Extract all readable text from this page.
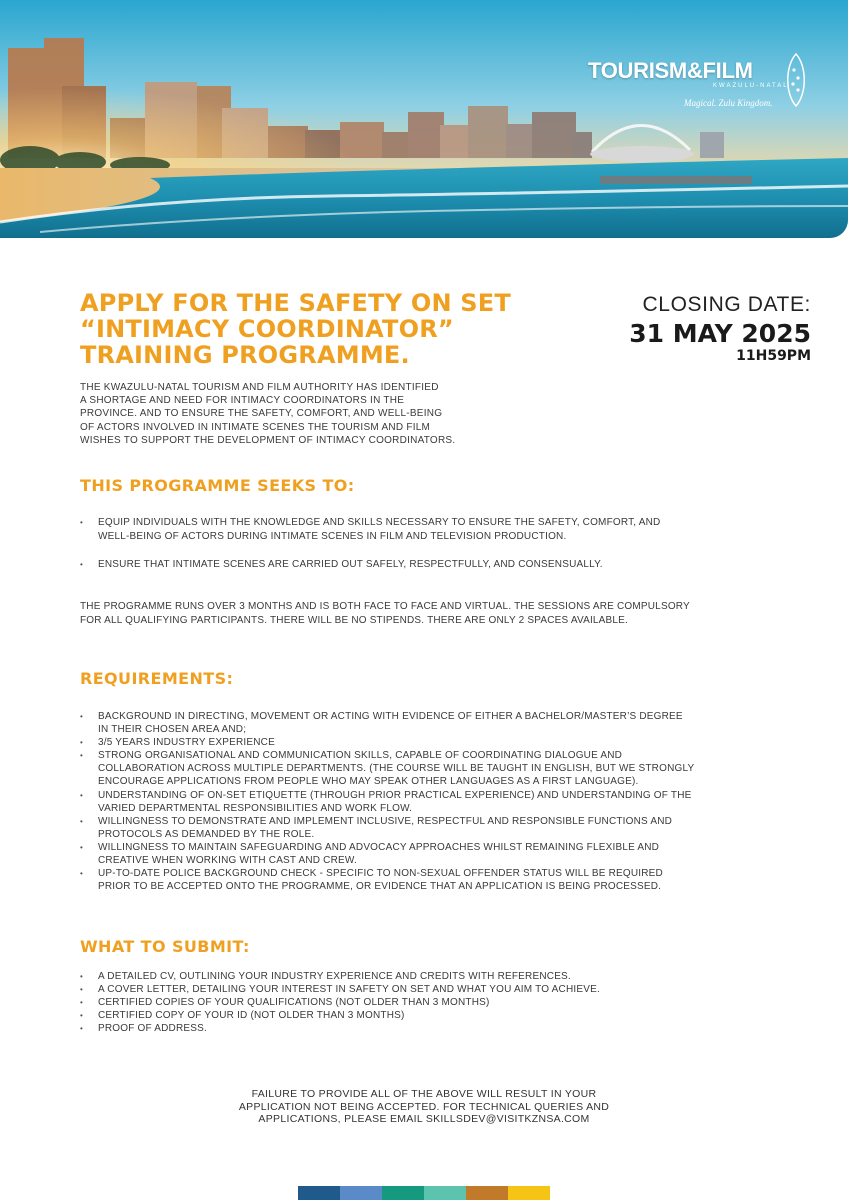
TOURISM&FILM
KWAZULU-NATAL
Magical. Zulu Kingdom.
APPLY FOR THE SAFETY ON SET
“INTIMACY COORDINATOR”
TRAINING PROGRAMME.
CLOSING DATE:
31 MAY 2025
11H59PM
THE KWAZULU-NATAL TOURISM AND FILM AUTHORITY HAS IDENTIFIED
A SHORTAGE AND NEED FOR INTIMACY COORDINATORS IN THE
PROVINCE. AND TO ENSURE THE SAFETY, COMFORT, AND WELL-BEING
OF ACTORS INVOLVED IN INTIMATE SCENES THE TOURISM AND FILM
WISHES TO SUPPORT THE DEVELOPMENT OF INTIMACY COORDINATORS.
THIS PROGRAMME SEEKS TO:
• EQUIP INDIVIDUALS WITH THE KNOWLEDGE AND SKILLS NECESSARY TO ENSURE THE SAFETY, COMFORT, AND
WELL-BEING OF ACTORS DURING INTIMATE SCENES IN FILM AND TELEVISION PRODUCTION.
• ENSURE THAT INTIMATE SCENES ARE CARRIED OUT SAFELY, RESPECTFULLY, AND CONSENSUALLY.
THE PROGRAMME RUNS OVER 3 MONTHS AND IS BOTH FACE TO FACE AND VIRTUAL. THE SESSIONS ARE COMPULSORY
FOR ALL QUALIFYING PARTICIPANTS. THERE WILL BE NO STIPENDS. THERE ARE ONLY 2 SPACES AVAILABLE.
REQUIREMENTS:
• BACKGROUND IN DIRECTING, MOVEMENT OR ACTING WITH EVIDENCE OF EITHER A BACHELOR/MASTER’S DEGREE
IN THEIR CHOSEN AREA AND;
• 3/5 YEARS INDUSTRY EXPERIENCE
• STRONG ORGANISATIONAL AND COMMUNICATION SKILLS, CAPABLE OF COORDINATING DIALOGUE AND
COLLABORATION ACROSS MULTIPLE DEPARTMENTS. (THE COURSE WILL BE TAUGHT IN ENGLISH, BUT WE STRONGLY
ENCOURAGE APPLICATIONS FROM PEOPLE WHO MAY SPEAK OTHER LANGUAGES AS A FIRST LANGUAGE).
• UNDERSTANDING OF ON-SET ETIQUETTE (THROUGH PRIOR PRACTICAL EXPERIENCE) AND UNDERSTANDING OF THE
VARIED DEPARTMENTAL RESPONSIBILITIES AND WORK FLOW.
• WILLINGNESS TO DEMONSTRATE AND IMPLEMENT INCLUSIVE, RESPECTFUL AND RESPONSIBLE FUNCTIONS AND
PROTOCOLS AS DEMANDED BY THE ROLE.
• WILLINGNESS TO MAINTAIN SAFEGUARDING AND ADVOCACY APPROACHES WHILST REMAINING FLEXIBLE AND
CREATIVE WHEN WORKING WITH CAST AND CREW.
• UP-TO-DATE POLICE BACKGROUND CHECK - SPECIFIC TO NON-SEXUAL OFFENDER STATUS WILL BE REQUIRED
PRIOR TO BE ACCEPTED ONTO THE PROGRAMME, OR EVIDENCE THAT AN APPLICATION IS BEING PROCESSED.
WHAT TO SUBMIT:
• A DETAILED CV, OUTLINING YOUR INDUSTRY EXPERIENCE AND CREDITS WITH REFERENCES.
• A COVER LETTER, DETAILING YOUR INTEREST IN SAFETY ON SET AND WHAT YOU AIM TO ACHIEVE.
• CERTIFIED COPIES OF YOUR QUALIFICATIONS (NOT OLDER THAN 3 MONTHS)
• CERTIFIED COPY OF YOUR ID (NOT OLDER THAN 3 MONTHS)
• PROOF OF ADDRESS.
FAILURE TO PROVIDE ALL OF THE ABOVE WILL RESULT IN YOUR
APPLICATION NOT BEING ACCEPTED. FOR TECHNICAL QUERIES AND
APPLICATIONS, PLEASE EMAIL SKILLSDEV@VISITKZNSA.COM
